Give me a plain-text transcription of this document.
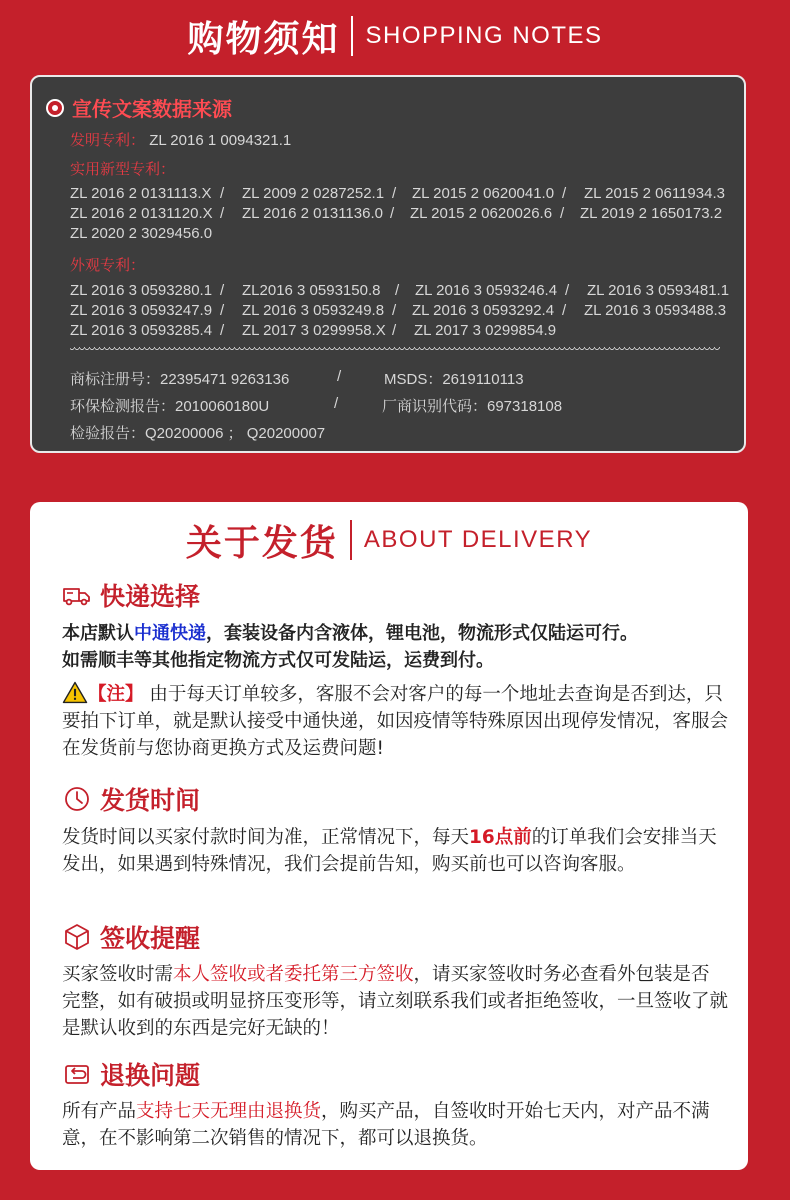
购物须知 SHOPPING NOTES
宣传文案数据来源
发明专利： ZL 2016 1 0094321.1
实用新型专利：
ZL 2016 2 0131113.X / ZL 2009 2 0287252.1 / ZL 2015 2 0620041.0 / ZL 2015 2 0611934.3
ZL 2016 2 0131120.X / ZL 2016 2 0131136.0 / ZL 2015 2 0620026.6 / ZL 2019 2 1650173.2
ZL 2020 2 3029456.0
外观专利：
ZL 2016 3 0593280.1 / ZL2016 3 0593150.8 / ZL 2016 3 0593246.4 / ZL 2016 3 0593481.1
ZL 2016 3 0593247.9 / ZL 2016 3 0593249.8 / ZL 2016 3 0593292.4 / ZL 2016 3 0593488.3
ZL 2016 3 0593285.4 / ZL 2017 3 0299958.X / ZL 2017 3 0299854.9
商标注册号：22395471 9263136	/	MSDS：2619110113
环保检测报告：2010060180U	/	厂商识别代码：697318108
检验报告：Q20200006 ； Q20200007
关于发货 ABOUT DELIVERY
快递选择
本店默认中通快递，套装设备内含液体，锂电池，物流形式仅陆运可行。
如需顺丰等其他指定物流方式仅可发陆运，运费到付。
【注】 由于每天订单较多，客服不会对客户的每一个地址去查询是否到达，只要拍下订单，就是默认接受中通快递，如因疫情等特殊原因出现停发情况，客服会在发货前与您协商更换方式及运费问题!
发货时间
发货时间以买家付款时间为准，正常情况下，每天16点前的订单我们会安排当天发出，如果遇到特殊情况，我们会提前告知，购买前也可以咨询客服。
签收提醒
买家签收时需本人签收或者委托第三方签收，请买家签收时务必查看外包装是否完整，如有破损或明显挤压变形等，请立刻联系我们或者拒绝签收，一旦签收了就是默认收到的东西是完好无缺的！
退换问题
所有产品支持七天无理由退换货，购买产品，自签收时开始七天内，对产品不满意，在不影响第二次销售的情况下，都可以退换货。
